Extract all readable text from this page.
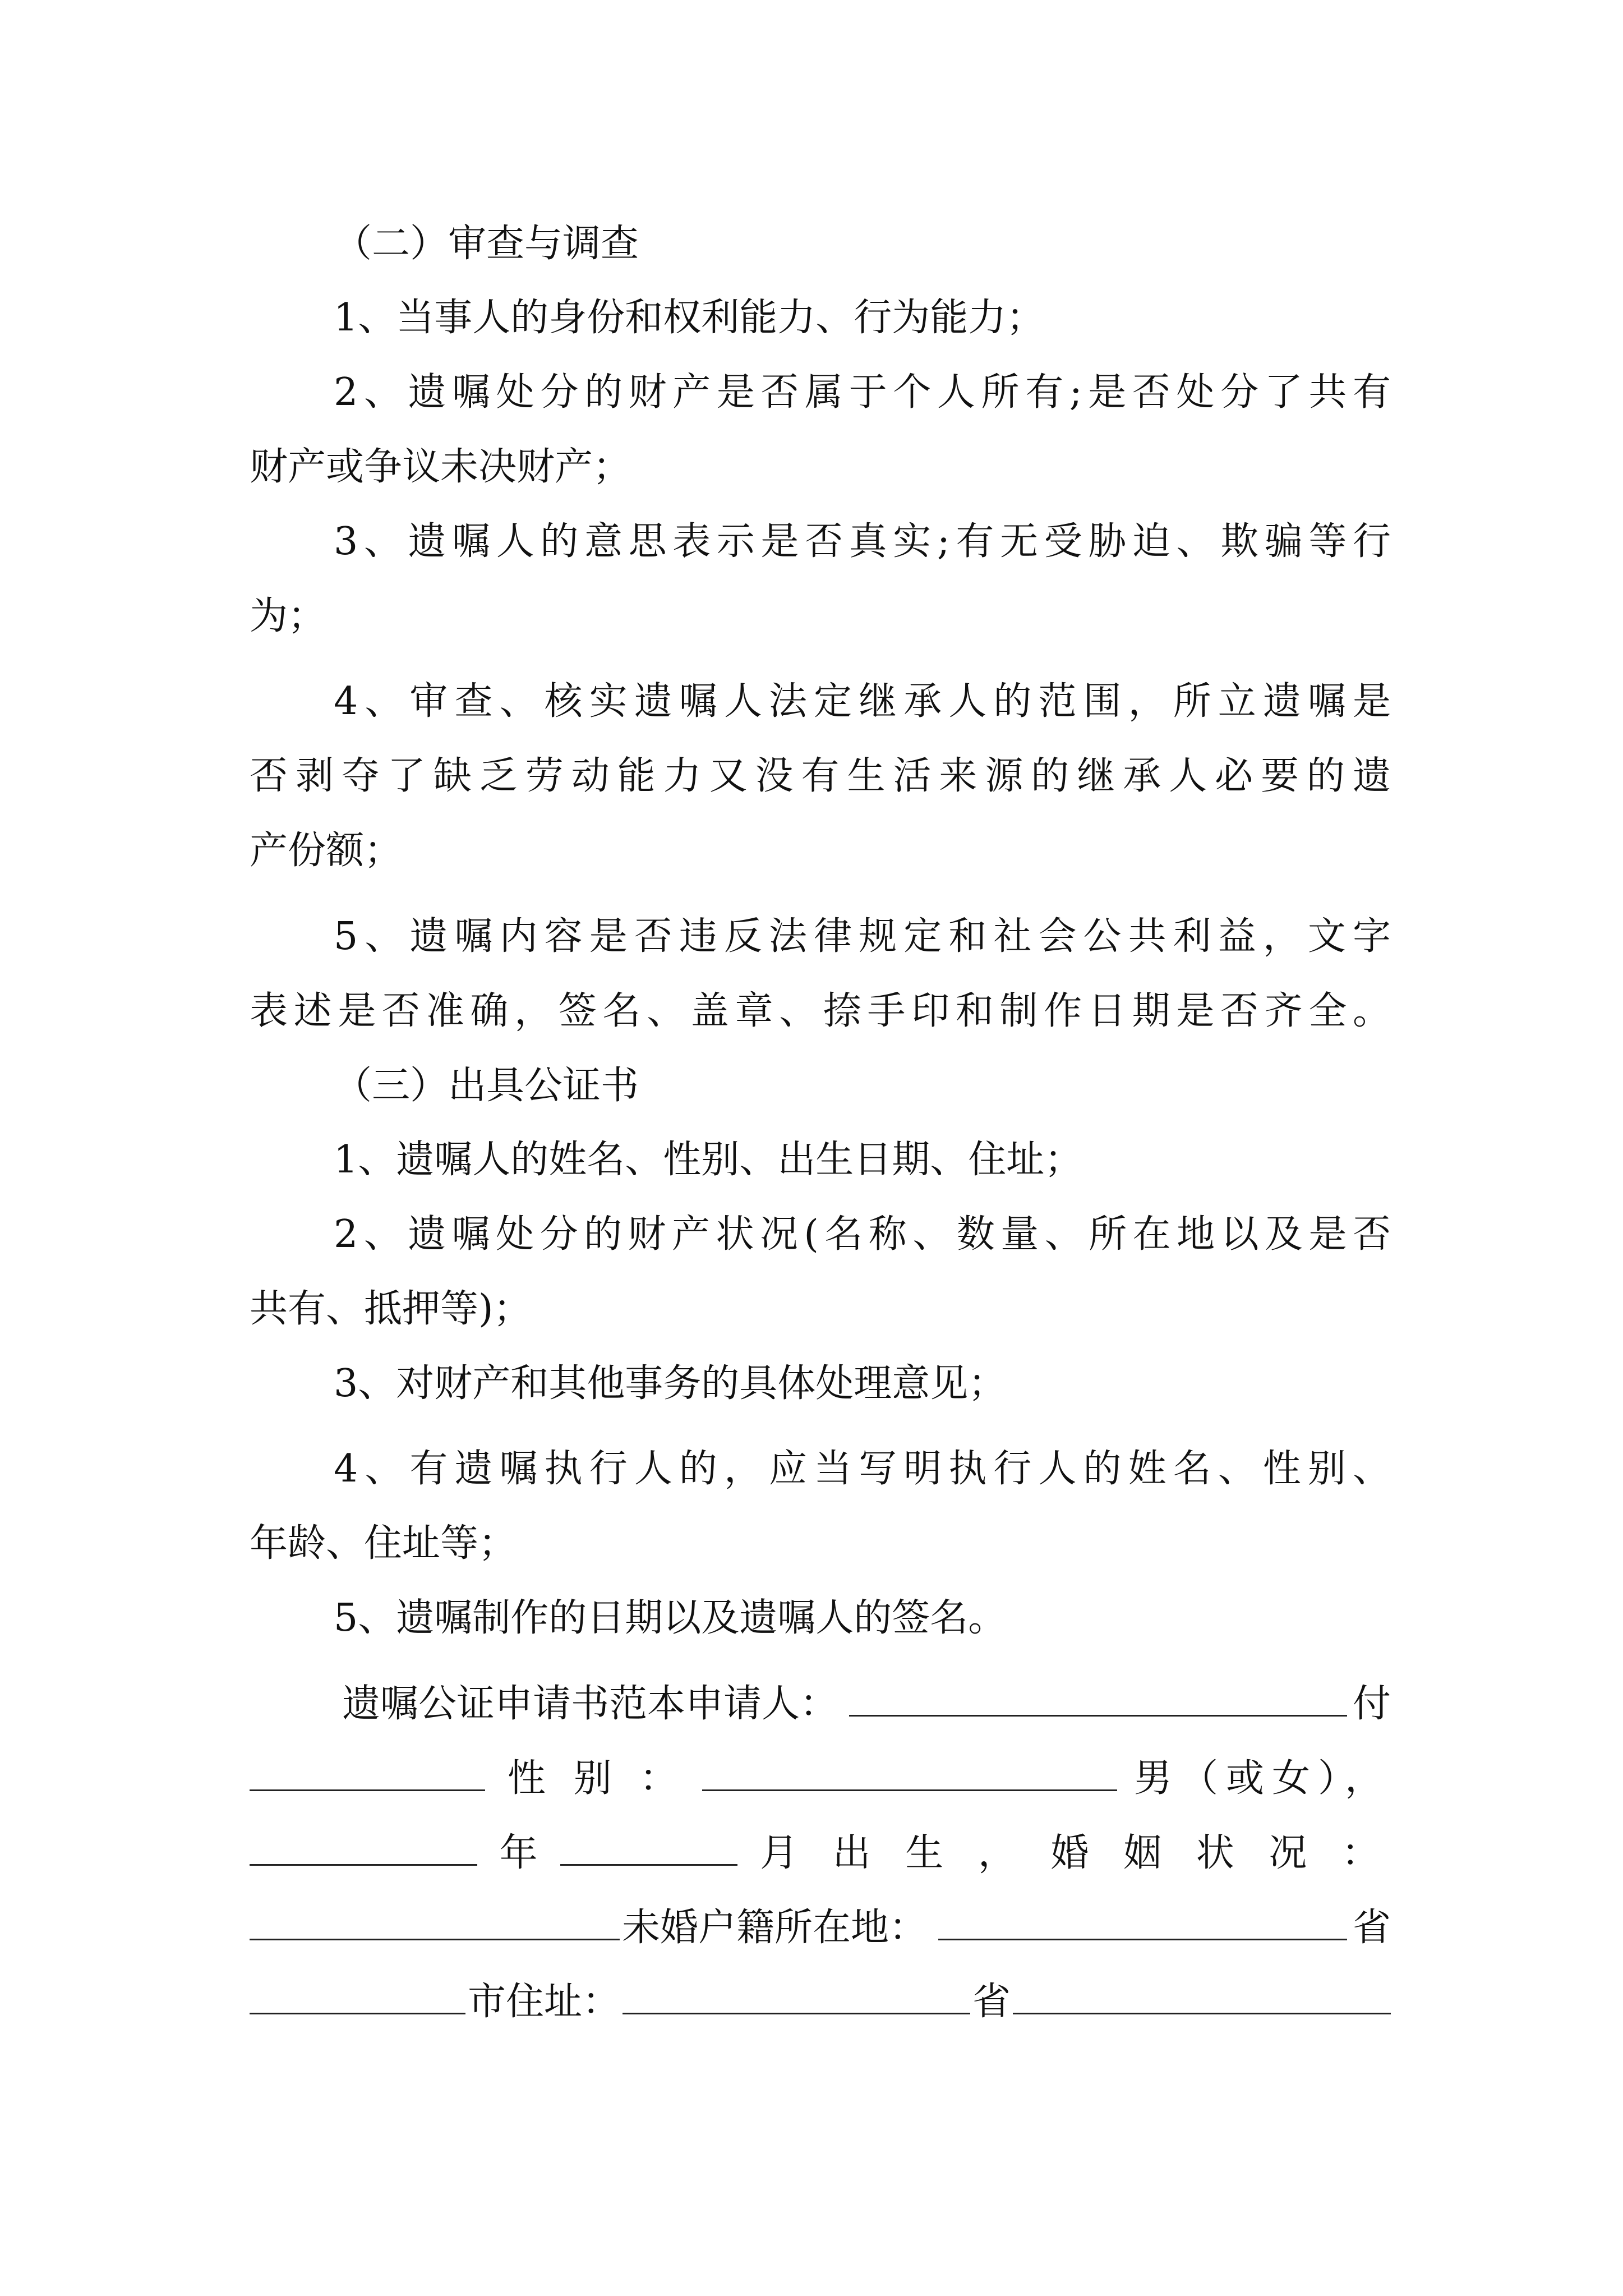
（二）审查与调查
1、当事人的身份和权利能力、行为能力；
2、遗嘱处分的财产是否属于个人所有;是否处分了共有
财产或争议未决财产；
3、遗嘱人的意思表示是否真实;有无受胁迫、欺骗等行
为；
4、审查、核实遗嘱人法定继承人的范围，所立遗嘱是
否剥夺了缺乏劳动能力又没有生活来源的继承人必要的遗
产份额；
5、遗嘱内容是否违反法律规定和社会公共利益，文字
表述是否准确，签名、盖章、捺手印和制作日期是否齐全。
（三）出具公证书
1、遗嘱人的姓名、性别、出生日期、住址；
2、遗嘱处分的财产状况(名称、数量、所在地以及是否
共有、抵押等)；
3、对财产和其他事务的具体处理意见；
4、有遗嘱执行人的，应当写明执行人的姓名、性别、
年龄、住址等；
5、遗嘱制作的日期以及遗嘱人的签名。
遗嘱公证申请书范本申请人：	付
性 别 ：	男（或女），
年	月 出 生 ， 婚 姻 状 况 ：
未婚户籍所在地：	省
市住址：	省
